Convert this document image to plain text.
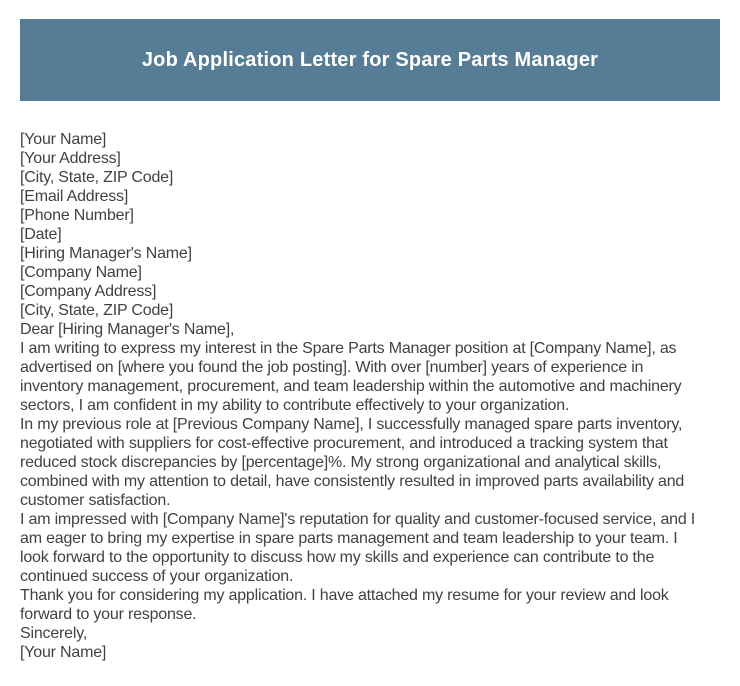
Job Application Letter for Spare Parts Manager
[Your Name]
[Your Address]
[City, State, ZIP Code]
[Email Address]
[Phone Number]
[Date]
[Hiring Manager's Name]
[Company Name]
[Company Address]
[City, State, ZIP Code]
Dear [Hiring Manager's Name],
I am writing to express my interest in the Spare Parts Manager position at [Company Name], as
advertised on [where you found the job posting]. With over [number] years of experience in
inventory management, procurement, and team leadership within the automotive and machinery
sectors, I am confident in my ability to contribute effectively to your organization.
In my previous role at [Previous Company Name], I successfully managed spare parts inventory,
negotiated with suppliers for cost-effective procurement, and introduced a tracking system that
reduced stock discrepancies by [percentage]%. My strong organizational and analytical skills,
combined with my attention to detail, have consistently resulted in improved parts availability and
customer satisfaction.
I am impressed with [Company Name]'s reputation for quality and customer-focused service, and I
am eager to bring my expertise in spare parts management and team leadership to your team. I
look forward to the opportunity to discuss how my skills and experience can contribute to the
continued success of your organization.
Thank you for considering my application. I have attached my resume for your review and look
forward to your response.
Sincerely,
[Your Name]
